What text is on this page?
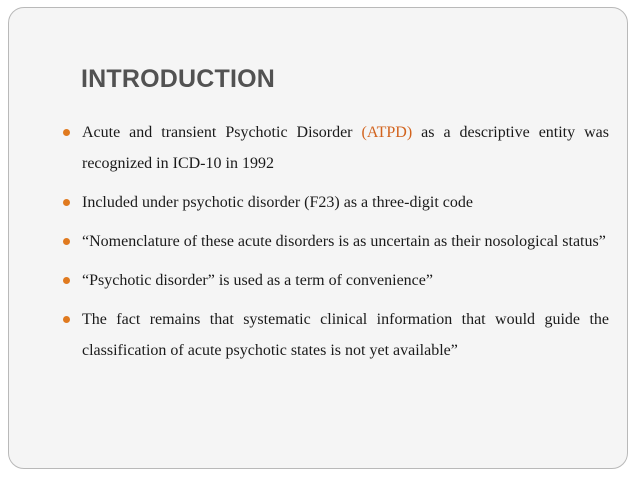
INTRODUCTION
Acute and transient Psychotic Disorder (ATPD) as a descriptive entity was recognized in ICD-10 in 1992
Included under psychotic disorder (F23) as a three-digit code
“Nomenclature of these acute disorders is as uncertain as their nosological status”
“Psychotic disorder” is used as a term of convenience”
The fact remains that systematic clinical information that would guide the classification of acute psychotic states is not yet available”
